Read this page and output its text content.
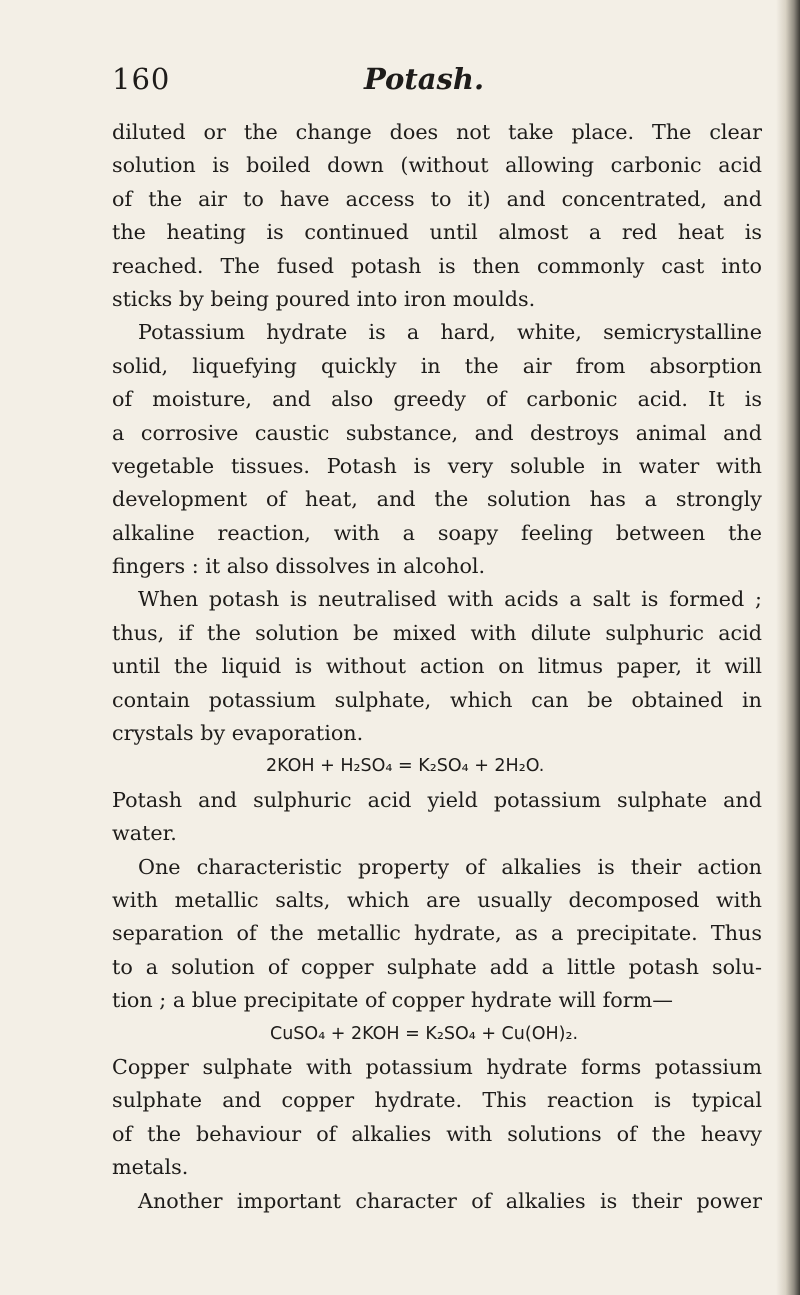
160	Potash.
diluted or the change does not take place. The clear
solution is boiled down (without allowing carbonic acid
of the air to have access to it) and concentrated, and
the heating is continued until almost a red heat is
reached. The fused potash is then commonly cast into
sticks by being poured into iron moulds.
Potassium hydrate is a hard, white, semicrystalline
solid, liquefying quickly in the air from absorption
of moisture, and also greedy of carbonic acid. It is
a corrosive caustic substance, and destroys animal and
vegetable tissues. Potash is very soluble in water with
development of heat, and the solution has a strongly
alkaline reaction, with a soapy feeling between the
fingers : it also dissolves in alcohol.
When potash is neutralised with acids a salt is formed ;
thus, if the solution be mixed with dilute sulphuric acid
until the liquid is without action on litmus paper, it will
contain potassium sulphate, which can be obtained in
crystals by evaporation.
2KOH + H₂SO₄ = K₂SO₄ + 2H₂O.
Potash and sulphuric acid yield potassium sulphate and
water.
One characteristic property of alkalies is their action
with metallic salts, which are usually decomposed with
separation of the metallic hydrate, as a precipitate. Thus
to a solution of copper sulphate add a little potash solu-
tion ; a blue precipitate of copper hydrate will form—
CuSO₄ + 2KOH = K₂SO₄ + Cu(OH)₂.
Copper sulphate with potassium hydrate forms potassium
sulphate and copper hydrate. This reaction is typical
of the behaviour of alkalies with solutions of the heavy
metals.
Another important character of alkalies is their power
